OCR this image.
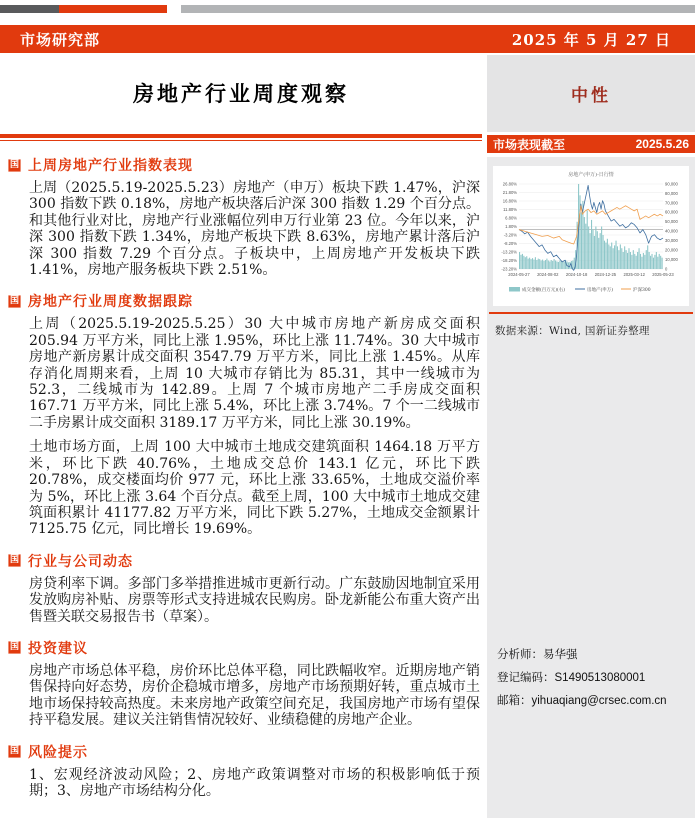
市场研究部	2025 年 5 月 27 日
房地产行业周度观察
国 上周房地产行业指数表现

上周（2025.5.19-2025.5.23）房地产（申万）板块下跌 1.47%，沪深 300 指数下跌 0.18%，房地产板块落后沪深 300 指数 1.29 个百分点。和其他行业对比，房地产行业涨幅位列申万行业第 23 位。今年以来，沪深 300 指数下跌 1.34%，房地产板块下跌 8.63%，房地产累计落后沪深 300 指数 7.29 个百分点。子板块中，上周房地产开发板块下跌 1.41%，房地产服务板块下跌 2.51%。

国 房地产行业周度数据跟踪

上周（2025.5.19-2025.5.25）30 大中城市房地产新房成交面积 205.94 万平方米，同比上涨 1.95%，环比上涨 11.74%。30 大中城市房地产新房累计成交面积 3547.79 万平方米，同比上涨 1.45%。从库存消化周期来看，上周 10 大城市存销比为 85.31，其中一线城市为 52.3，二线城市为 142.89。上周 7 个城市房地产二手房成交面积 167.71 万平方米，同比上涨 5.4%，环比上涨 3.74%。7 个一二线城市二手房累计成交面积 3189.17 万平方米，同比上涨 30.19%。

土地市场方面，上周 100 大中城市土地成交建筑面积 1464.18 万平方米，环比下跌 40.76%，土地成交总价 143.1 亿元，环比下跌 20.78%，成交楼面均价 977 元，环比上涨 33.65%，土地成交溢价率为 5%，环比上涨 3.64 个百分点。截至上周，100 大中城市土地成交建筑面积累计 41177.82 万平方米，同比下跌 5.27%，土地成交金额累计 7125.75 亿元，同比增长 19.69%。

国 行业与公司动态

房贷利率下调。多部门多举措推进城市更新行动。广东鼓励因地制宜采用发放购房补贴、房票等形式支持进城农民购房。卧龙新能公布重大资产出售暨关联交易报告书（草案）。

国 投资建议

房地产市场总体平稳，房价环比总体平稳，同比跌幅收窄。近期房地产销售保持向好态势，房价企稳城市增多，房地产市场预期好转，重点城市土地市场保持较高热度。未来房地产政策空间充足，我国房地产市场有望保持平稳发展。建议关注销售情况较好、业绩稳健的房地产企业。

国 风险提示

1、宏观经济波动风险；2、房地产政策调整对市场的积极影响低于预期；3、房地产市场结构分化。

中性
市场表现截至	2025.5.26
房地产(申万)-日行情
26.80%
21.80%
16.80%
11.80%
6.80%
1.80%
-3.20%
-8.20%
-13.20%
-18.20%
-23.20%
90,000
80,000
70,000
60,000
50,000
40,000
30,000
20,000
10,000
0
2024-05-27 2024-08-02 2024-10-18 2024-12-25 2025-03-12 2025-05-23
成交金额(百万元)(右)	房地产(申万)	沪深300
数据来源：Wind, 国新证券整理
分析师：易华强
登记编码：S1490513080001
邮箱：yihuaqiang@crsec.com.cn
